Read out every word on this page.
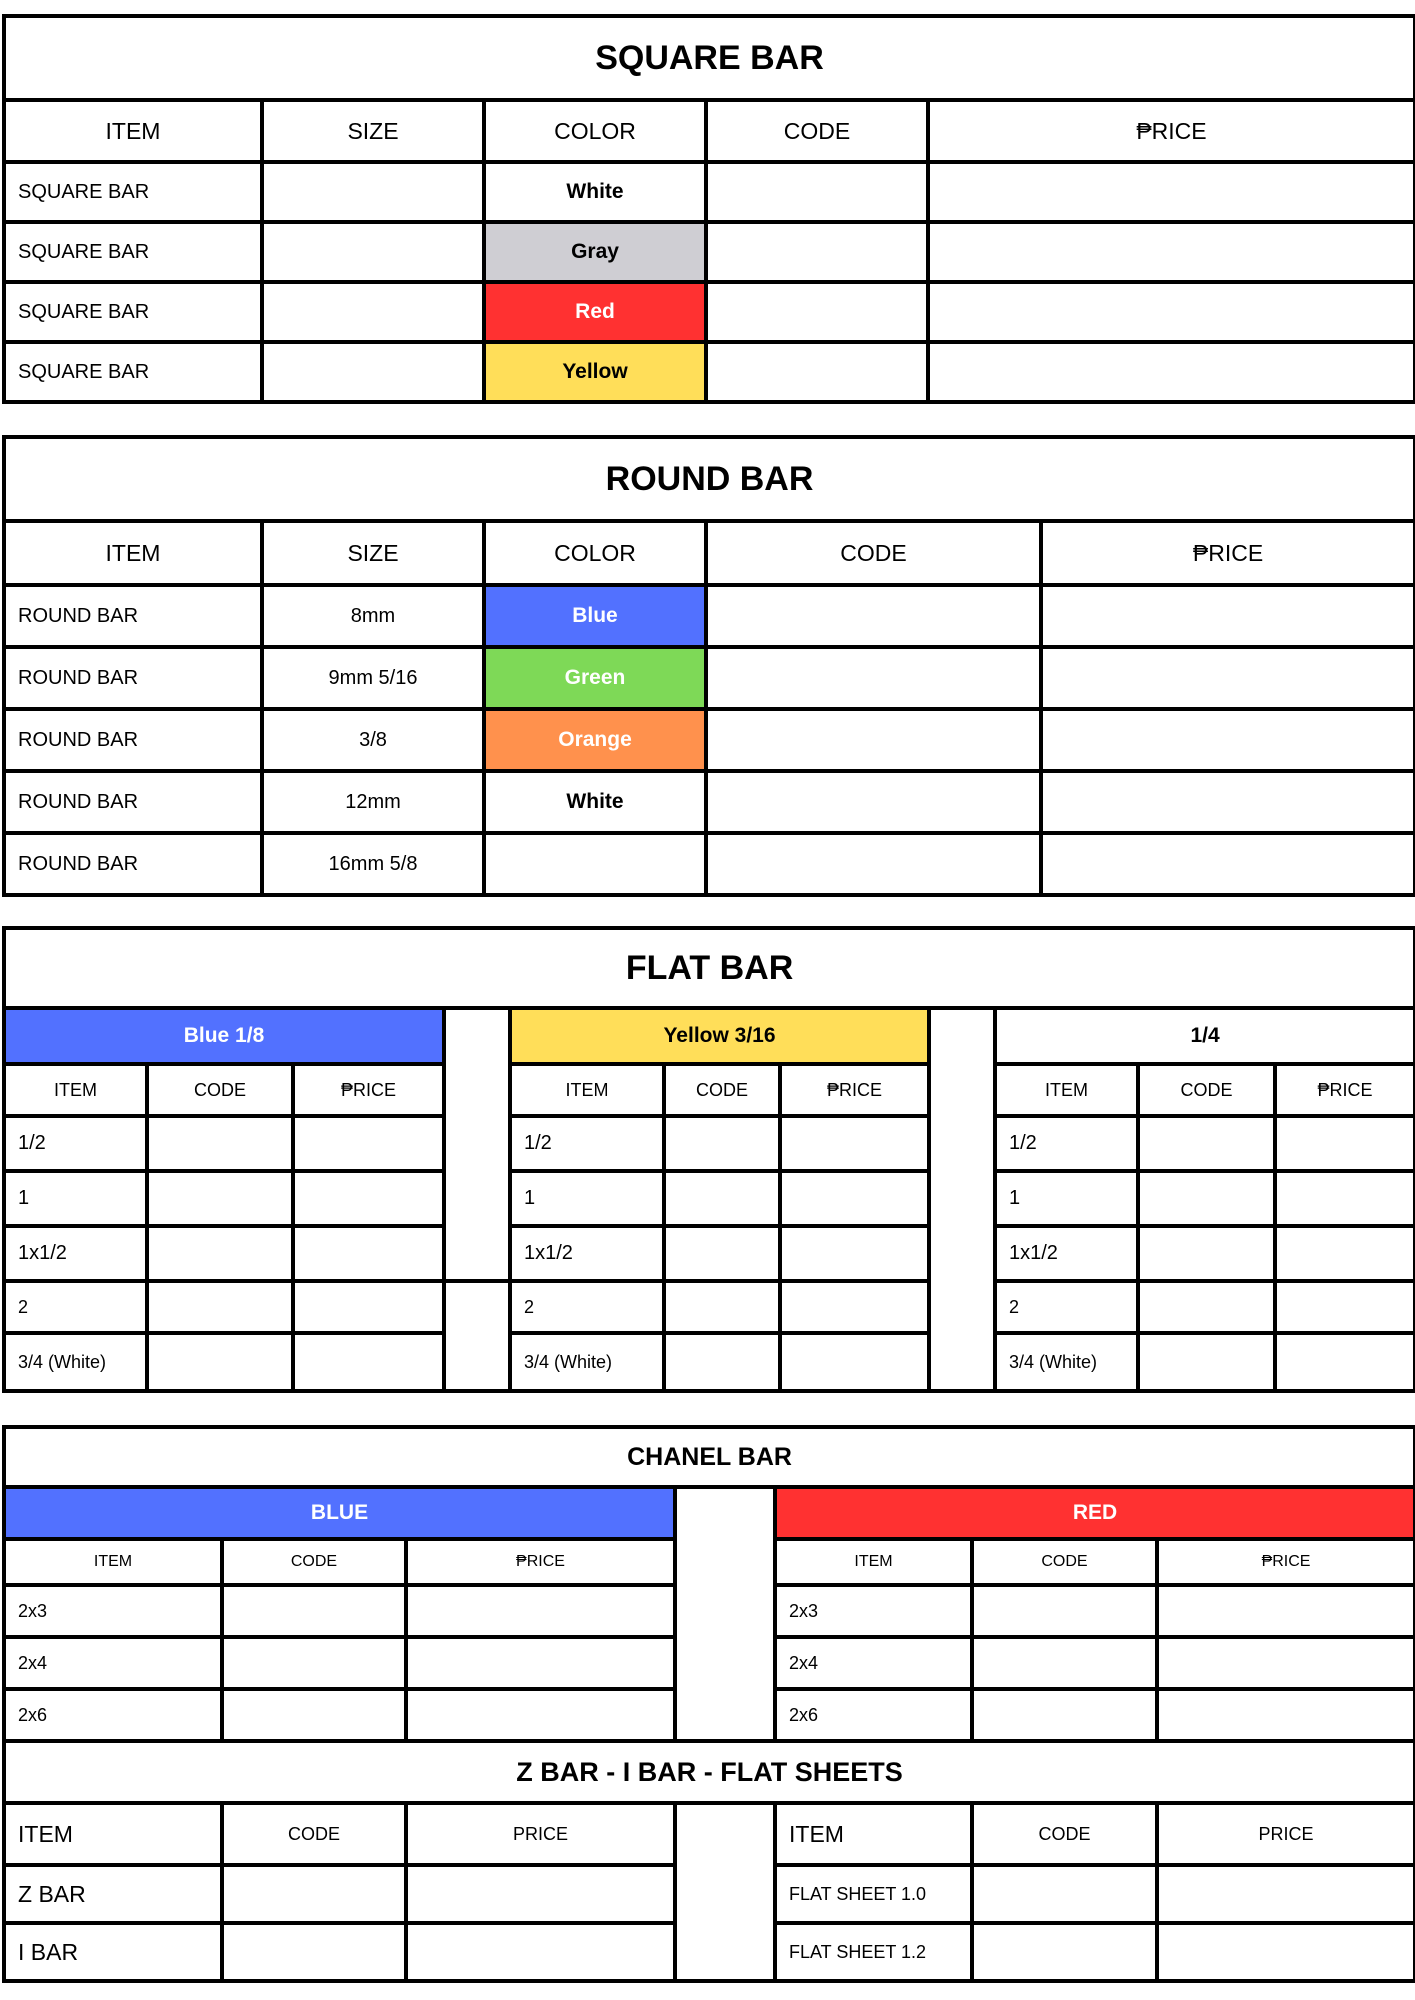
SQUARE BAR				
ITEM	SIZE	COLOR	CODE	₱RICE
SQUARE BAR		White		
SQUARE BAR		Gray		
SQUARE BAR		Red		
SQUARE BAR		Yellow		
ROUND BAR				
ITEM	SIZE	COLOR	CODE	₱RICE
ROUND BAR	8mm	Blue		
ROUND BAR	9mm 5/16	Green		
ROUND BAR	3/8	Orange		
ROUND BAR	12mm	White		
ROUND BAR	16mm 5/8			
FLAT BAR										
Blue 1/8				Yellow 3/16				1/4		
ITEM	CODE	₱RICE		ITEM	CODE	₱RICE		ITEM	CODE	₱RICE
1/2				1/2				1/2		
1				1				1		
1x1/2				1x1/2				1x1/2		
2				2				2		
3/4 (White)				3/4 (White)				3/4 (White)		
CHANEL BAR						
BLUE				RED		
ITEM	CODE	₱RICE		ITEM	CODE	₱RICE
2x3				2x3		
2x4				2x4		
2x6				2x6		
Z BAR - I BAR - FLAT SHEETS						
ITEM	CODE	PRICE		ITEM	CODE	PRICE
Z BAR				FLAT SHEET 1.0		
I BAR				FLAT SHEET 1.2		
